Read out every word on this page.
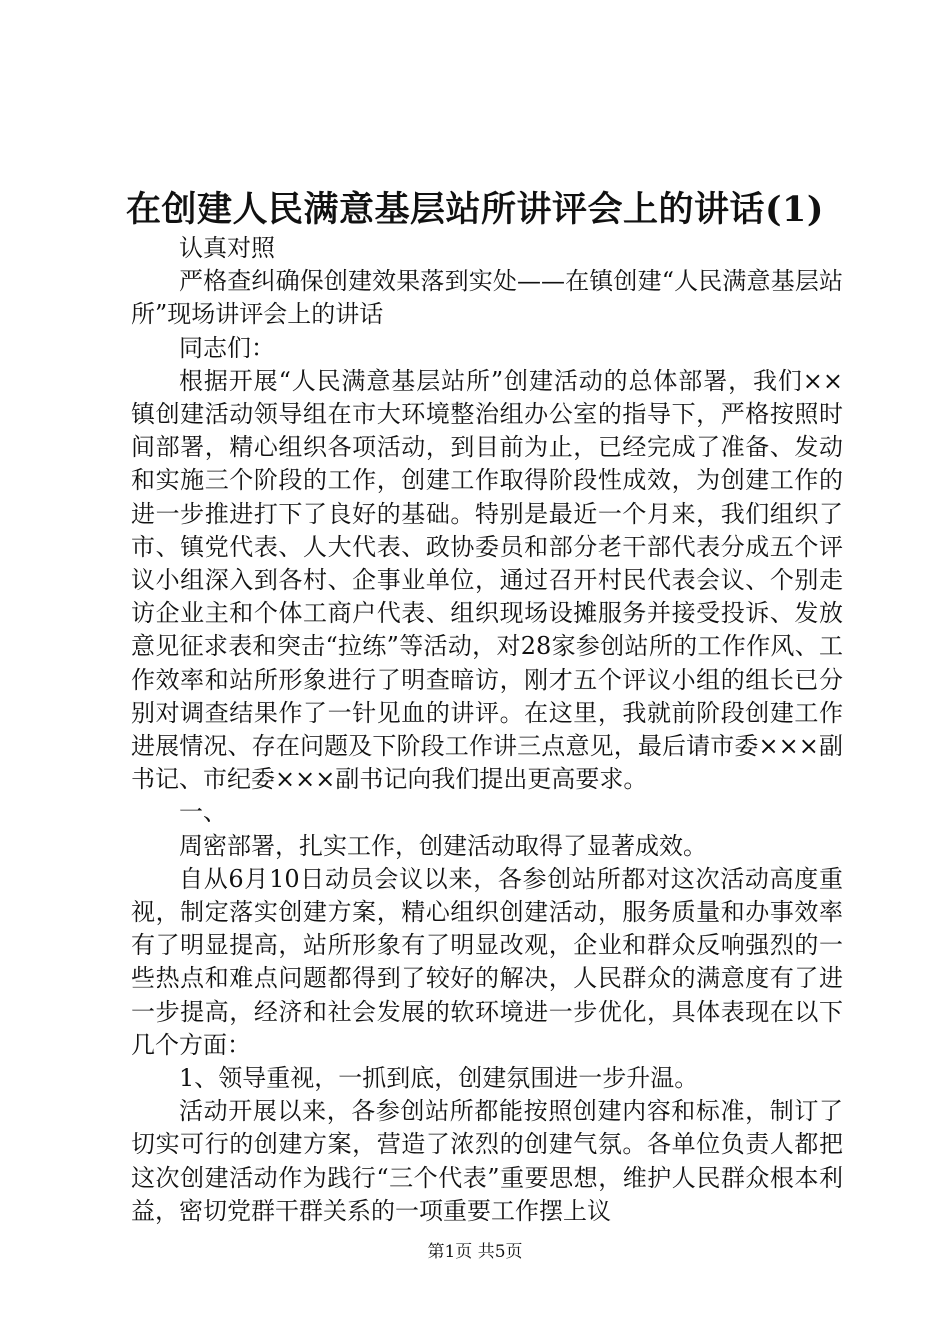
在创建人民满意基层站所讲评会上的讲话(1)

认真对照

严格查纠确保创建效果落到实处——在镇创建“人民满意基层站所”现场讲评会上的讲话

同志们：

根据开展“人民满意基层站所”创建活动的总体部署，我们××镇创建活动领导组在市大环境整治组办公室的指导下，严格按照时间部署，精心组织各项活动，到目前为止，已经完成了准备、发动和实施三个阶段的工作，创建工作取得阶段性成效，为创建工作的进一步推进打下了良好的基础。特别是最近一个月来，我们组织了市、镇党代表、人大代表、政协委员和部分老干部代表分成五个评议小组深入到各村、企事业单位，通过召开村民代表会议、个别走访企业主和个体工商户代表、组织现场设摊服务并接受投诉、发放意见征求表和突击“拉练”等活动，对28家参创站所的工作作风、工作效率和站所形象进行了明查暗访，刚才五个评议小组的组长已分别对调查结果作了一针见血的讲评。在这里，我就前阶段创建工作进展情况、存在问题及下阶段工作讲三点意见，最后请市委×××副书记、市纪委×××副书记向我们提出更高要求。

一、

周密部署，扎实工作，创建活动取得了显著成效。

自从6月10日动员会议以来，各参创站所都对这次活动高度重视，制定落实创建方案，精心组织创建活动，服务质量和办事效率有了明显提高，站所形象有了明显改观，企业和群众反响强烈的一些热点和难点问题都得到了较好的解决，人民群众的满意度有了进一步提高，经济和社会发展的软环境进一步优化，具体表现在以下几个方面：

1、领导重视，一抓到底，创建氛围进一步升温。

活动开展以来，各参创站所都能按照创建内容和标准，制订了切实可行的创建方案，营造了浓烈的创建气氛。各单位负责人都把这次创建活动作为践行“三个代表”重要思想，维护人民群众根本利益，密切党群干群关系的一项重要工作摆上议

第1页 共5页
